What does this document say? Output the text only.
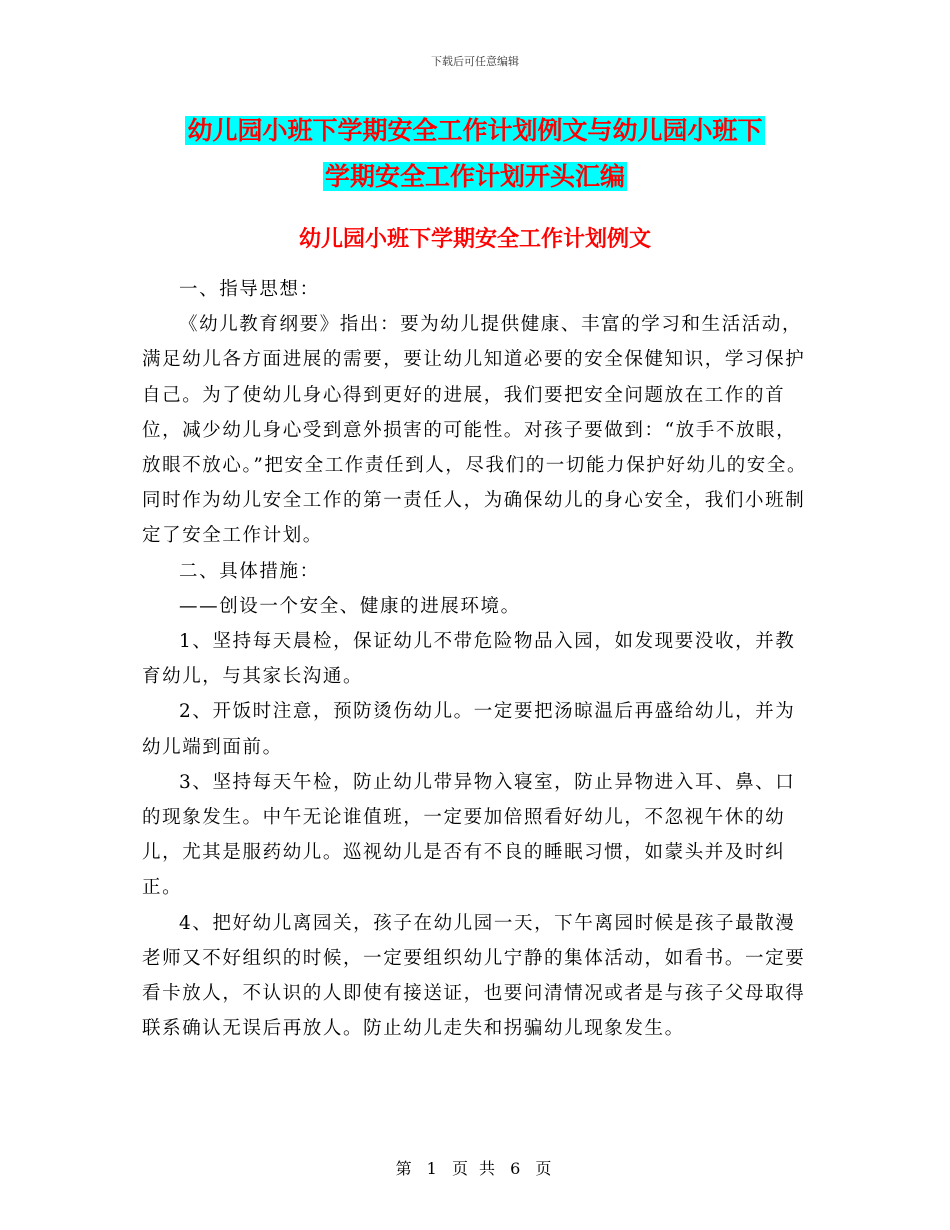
下载后可任意编辑
幼儿园小班下学期安全工作计划例文与幼儿园小班下
学期安全工作计划开头汇编
幼儿园小班下学期安全工作计划例文

一、指导思想：

《幼儿教育纲要》指出：要为幼儿提供健康、丰富的学习和生活活动，满足幼儿各方面进展的需要，要让幼儿知道必要的安全保健知识，学习保护自己。为了使幼儿身心得到更好的进展，我们要把安全问题放在工作的首位，减少幼儿身心受到意外损害的可能性。对孩子要做到：“放手不放眼，放眼不放心。”把安全工作责任到人，尽我们的一切能力保护好幼儿的安全。同时作为幼儿安全工作的第一责任人，为确保幼儿的身心安全，我们小班制定了安全工作计划。

二、具体措施：

——创设一个安全、健康的进展环境。

1、坚持每天晨检，保证幼儿不带危险物品入园，如发现要没收，并教育幼儿，与其家长沟通。

2、开饭时注意，预防烫伤幼儿。一定要把汤晾温后再盛给幼儿，并为幼儿端到面前。

3、坚持每天午检，防止幼儿带异物入寝室，防止异物进入耳、鼻、口的现象发生。中午无论谁值班，一定要加倍照看好幼儿，不忽视午休的幼儿，尤其是服药幼儿。巡视幼儿是否有不良的睡眠习惯，如蒙头并及时纠正。

4、把好幼儿离园关，孩子在幼儿园一天，下午离园时候是孩子最散漫老师又不好组织的时候，一定要组织幼儿宁静的集体活动，如看书。一定要看卡放人，不认识的人即使有接送证，也要问清情况或者是与孩子父母取得联系确认无误后再放人。防止幼儿走失和拐骗幼儿现象发生。

第 1 页 共 6 页
